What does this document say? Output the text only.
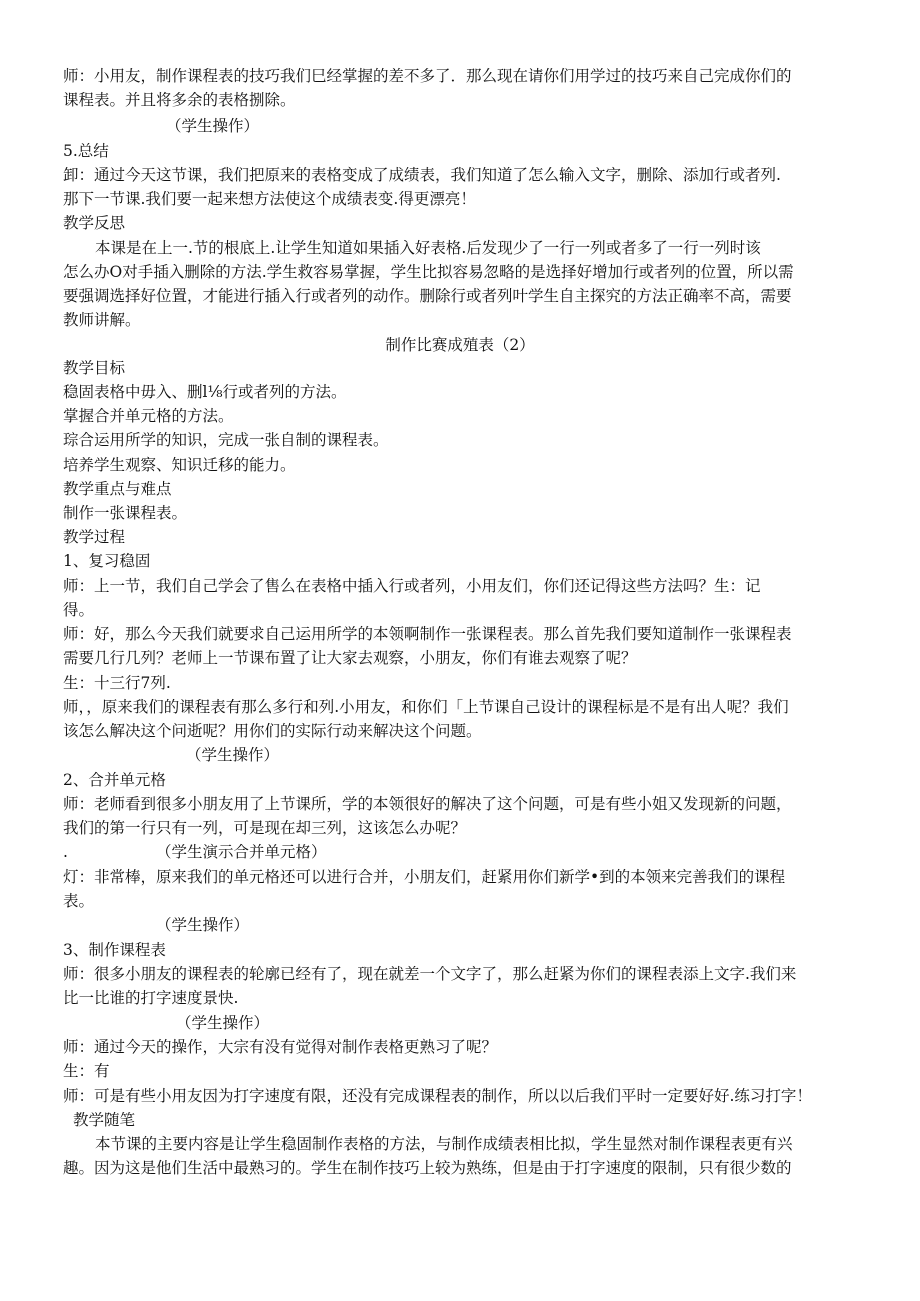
师：小用友，制作课程表的技巧我们巳经掌握的差不多了．那么现在请你们用学过的技巧来自己完成你们的

课程表。并且将多余的表格捌除。

（学生操作）

5.总结

卸：通过今天这节课，我们把原来的表格变成了成绩表，我们知道了怎么输入文字，删除、添加行或者列.

那下一节课.我们要一起来想方法使这个成绩表变.得更漂亮！

教学反思

本课是在上一.节的根底上.让学生知道如果插入好表格.后发现少了一行一列或者多了一行一列时该

怎么办O对手插入删除的方法.学生救容易掌握，学生比拟容易忽略的是选择好增加行或者列的位置，所以需

要强调选择好位置，才能进行插入行或者列的动作。删除行或者列叶学生自主探究的方法正确率不高，需要

教师讲解。

制作比赛成殖表（2）

教学目标

稳固表格中毋入、删l⅛行或者列的方法。

掌握合并单元格的方法。

琮合运用所学的知识，完成一张自制的课程表。

培养学生观察、知识迁移的能力。

教学重点与难点

制作一张课程表。

教学过程

1、复习稳固

师：上一节，我们自己学会了售么在表格中插入行或者列，小用友们，你们还记得这些方法吗？生：记

得。

师：好，那么今天我们就要求自己运用所学的本领啊制作一张课程表。那么首先我们要知道制作一张课程表

需要几行几列？老师上一节课布置了让大家去观察，小朋友，你们有谁去观察了呢？

生：十三行7列.

师，，原来我们的课程表有那么多行和列.小用友，和你们「上节课自己设计的课程标是不是有出人呢？我们

该怎么解决这个问逝呢？用你们的实际行动来解决这个问题。

（学生操作）

2、合并单元格

师：老师看到很多小朋友用了上节课所，学的本领很好的解决了这个问题，可是有些小姐又发现新的问题，

我们的第一行只有一列，可是现在却三列，这该怎么办呢？

.	（学生演示合并单元格）

灯：非常棒，原来我们的单元格还可以进行合并，小朋友们，赶紧用你们新学•到的本领来完善我们的课程

表。

（学生操作）

3、制作课程表

师：很多小朋友的课程表的轮廓已经有了，现在就差一个文字了，那么赶紧为你们的课程表添上文字.我们来

比一比谁的打字速度景快.

（学生操作）

师：通过今天的操作，大宗有没有觉得对制作表格更熟习了呢？

生：有

师：可是有些小用友因为打字速度有限，还没有完成课程表的制作，所以以后我们平时一定要好好.练习打字！

教学随笔

本节课的主要内容是让学生稳固制作表格的方法，与制作成绩表相比拟，学生显然对制作课程表更有兴

趣。因为这是他们生活中最熟习的。学生在制作技巧上较为熟练，但是由于打字速度的限制，只有很少数的
